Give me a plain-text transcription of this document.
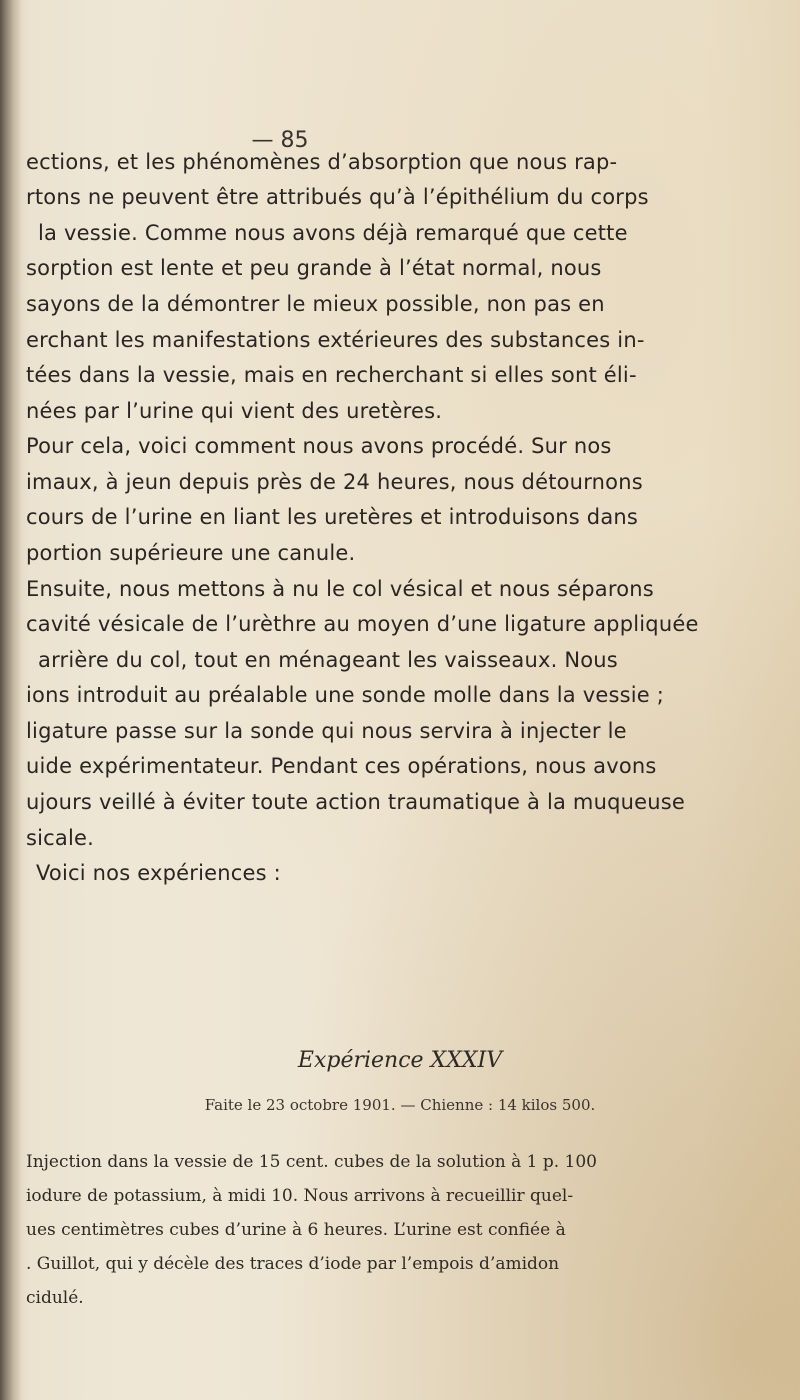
— 85
ections, et les phénomènes d’absorption que nous rap-
rtons ne peuvent être attribués qu’à l’épithélium du corps
la vessie. Comme nous avons déjà remarqué que cette
sorption est lente et peu grande à l’état normal, nous
sayons de la démontrer le mieux possible, non pas en
erchant les manifestations extérieures des substances in-
tées dans la vessie, mais en recherchant si elles sont éli-
nées par l’urine qui vient des uretères.
Pour cela, voici comment nous avons procédé. Sur nos
imaux, à jeun depuis près de 24 heures, nous détournons
cours de l’urine en liant les uretères et introduisons dans
portion supérieure une canule.
Ensuite, nous mettons à nu le col vésical et nous séparons
cavité vésicale de l’urèthre au moyen d’une ligature appliquée
arrière du col, tout en ménageant les vaisseaux. Nous
ions introduit au préalable une sonde molle dans la vessie ;
ligature passe sur la sonde qui nous servira à injecter le
uide expérimentateur. Pendant ces opérations, nous avons
ujours veillé à éviter toute action traumatique à la muqueuse
sicale.
Voici nos expériences :
Expérience XXXIV
Faite le 23 octobre 1901. — Chienne : 14 kilos 500.
Injection dans la vessie de 15 cent. cubes de la solution à 1 p. 100
iodure de potassium, à midi 10. Nous arrivons à recueillir quel-
ues centimètres cubes d’urine à 6 heures. L’urine est confiée à
. Guillot, qui y décèle des traces d’iode par l’empois d’amidon
cidulé.
